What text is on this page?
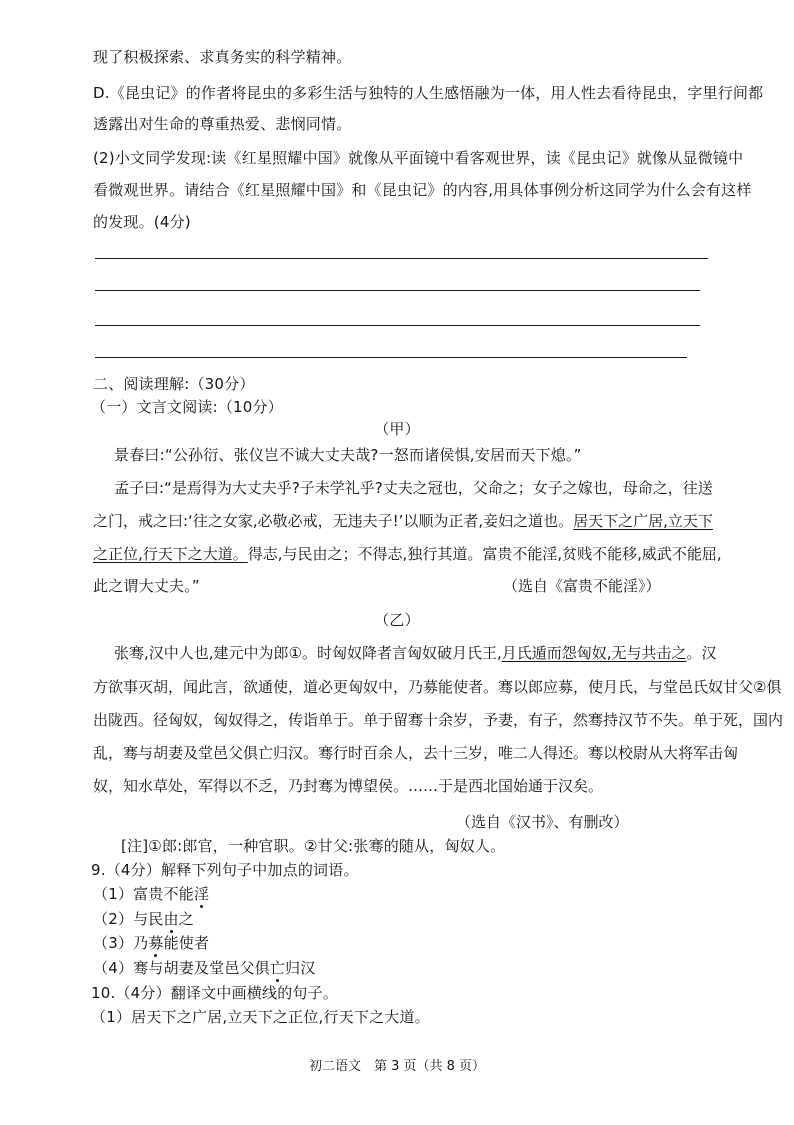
现了积极探索、求真务实的科学精神。
D.《昆虫记》的作者将昆虫的多彩生活与独特的人生感悟融为一体，用人性去看待昆虫，字里行间都
透露出对生命的尊重热爱、悲悯同情。
(2)小文同学发现:读《红星照耀中国》就像从平面镜中看客观世界，读《昆虫记》就像从显微镜中
看微观世界。请结合《红星照耀中国》和《昆虫记》的内容,用具体事例分析这同学为什么会有这样
的发现。(4分)
二、阅读理解:（30分）
（一）文言文阅读:（10分）
（甲）
景春曰:“公孙衍、张仪岂不诚大丈夫哉?一怒而诸侯惧,安居而天下熄。”
孟子曰:“是焉得为大丈夫乎?子未学礼乎?丈夫之冠也，父命之；女子之嫁也，母命之，往送
之门，戒之曰:‘往之女家,必敬必戒，无违夫子!’以顺为正者,妾妇之道也。居天下之广居,立天下
之正位,行天下之大道。得志,与民由之；不得志,独行其道。富贵不能淫,贫贱不能移,威武不能屈,
此之谓大丈夫。”	（选自《富贵不能淫》）
（乙）
张骞,汉中人也,建元中为郎①。时匈奴降者言匈奴破月氏王,月氏遁而怨匈奴,无与共击之。汉
方欲事灭胡，闻此言，欲通使，道必更匈奴中，乃募能使者。骞以郎应募，使月氏，与堂邑氏奴甘父②俱
出陇西。径匈奴，匈奴得之，传诣单于。单于留骞十余岁，予妻，有子，然骞持汉节不失。单于死，国内
乱，骞与胡妻及堂邑父俱亡归汉。骞行时百余人，去十三岁，唯二人得还。骞以校尉从大将军击匈
奴，知水草处，军得以不乏，乃封骞为博望侯。……于是西北国始通于汉矣。
（选自《汉书》、有删改）
[注]①郎:郎官，一种官职。②甘父:张骞的随从，匈奴人。
9.（4分）解释下列句子中加点的词语。
（1）富贵不能淫
（2）与民由之
（3）乃募能使者
（4）骞与胡妻及堂邑父俱亡归汉
10.（4分）翻译文中画横线的句子。
（1）居天下之广居,立天下之正位,行天下之大道。
初二语文　第 3 页（共 8 页）
